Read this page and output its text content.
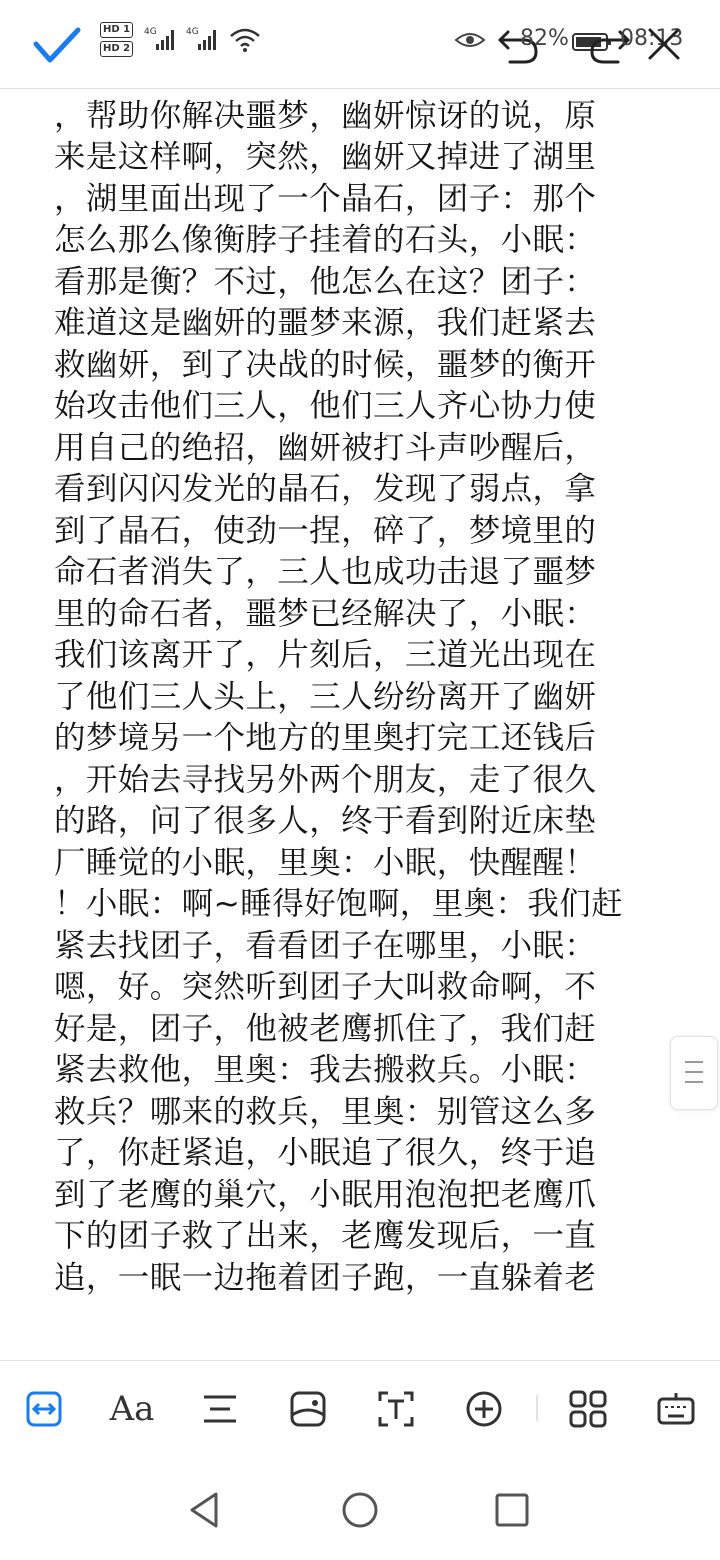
HD 1
HD 2
4G	4G	82% 08:13
，帮助你解决噩梦，幽妍惊讶的说，原
来是这样啊，突然，幽妍又掉进了湖里
，湖里面出现了一个晶石，团子：那个
怎么那么像衡脖子挂着的石头，小眠：
看那是衡？不过，他怎么在这？团子：
难道这是幽妍的噩梦来源，我们赶紧去
救幽妍，到了决战的时候，噩梦的衡开
始攻击他们三人，他们三人齐心协力使
用自己的绝招，幽妍被打斗声吵醒后，
看到闪闪发光的晶石，发现了弱点，拿
到了晶石，使劲一捏，碎了，梦境里的
命石者消失了，三人也成功击退了噩梦
里的命石者，噩梦已经解决了，小眠：
我们该离开了，片刻后，三道光出现在
了他们三人头上，三人纷纷离开了幽妍
的梦境另一个地方的里奥打完工还钱后
，开始去寻找另外两个朋友，走了很久
的路，问了很多人，终于看到附近床垫
厂睡觉的小眠，里奥：小眠，快醒醒！
！小眠：啊~睡得好饱啊，里奥：我们赶
紧去找团子，看看团子在哪里，小眠：
嗯，好。突然听到团子大叫救命啊，不
好是，团子，他被老鹰抓住了，我们赶
紧去救他，里奥：我去搬救兵。小眠：
救兵？哪来的救兵，里奥：别管这么多
了，你赶紧追，小眠追了很久，终于追
到了老鹰的巢穴，小眠用泡泡把老鹰爪
下的团子救了出来，老鹰发现后，一直
追，一眠一边拖着团子跑，一直躲着老
Aa
